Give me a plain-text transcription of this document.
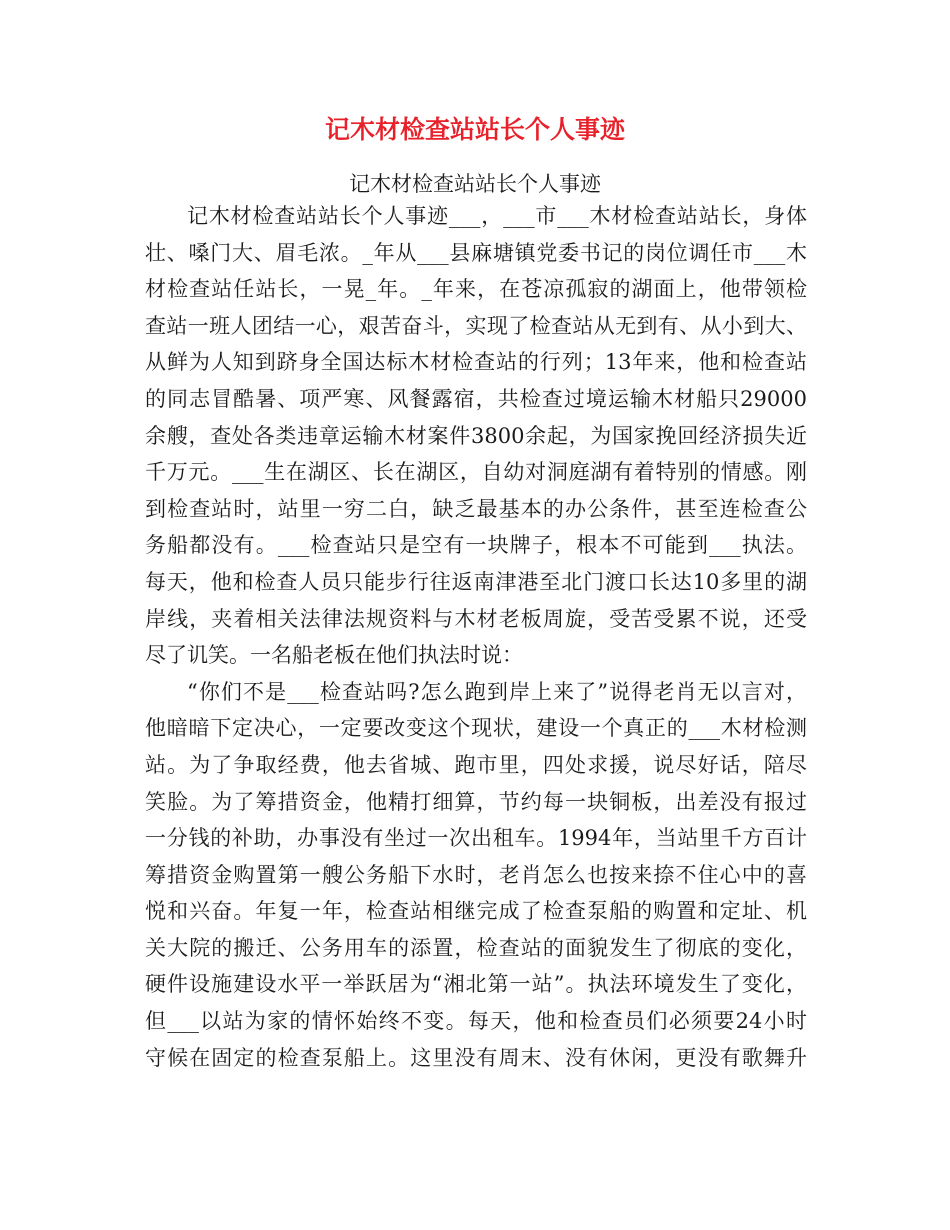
记木材检查站站长个人事迹
记木材检查站站长个人事迹
记木材检查站站长个人事迹___，___市___木材检查站站长，身体
壮、嗓门大、眉毛浓。_年从___县麻塘镇党委书记的岗位调任市___木
材检查站任站长，一晃_年。_年来，在苍凉孤寂的湖面上，他带领检
查站一班人团结一心，艰苦奋斗，实现了检查站从无到有、从小到大、
从鲜为人知到跻身全国达标木材检查站的行列；13年来，他和检查站
的同志冒酷暑、项严寒、风餐露宿，共检查过境运输木材船只29000
余艘，查处各类违章运输木材案件3800余起，为国家挽回经济损失近
千万元。___生在湖区、长在湖区，自幼对洞庭湖有着特别的情感。刚
到检查站时，站里一穷二白，缺乏最基本的办公条件，甚至连检查公
务船都没有。___检查站只是空有一块牌子，根本不可能到___执法。
每天，他和检查人员只能步行往返南津港至北门渡口长达10多里的湖
岸线，夹着相关法律法规资料与木材老板周旋，受苦受累不说，还受
尽了讥笑。一名船老板在他们执法时说：
“你们不是___检查站吗?怎么跑到岸上来了”说得老肖无以言对，
他暗暗下定决心，一定要改变这个现状，建设一个真正的___木材检测
站。为了争取经费，他去省城、跑市里，四处求援，说尽好话，陪尽
笑脸。为了筹措资金，他精打细算，节约每一块铜板，出差没有报过
一分钱的补助，办事没有坐过一次出租车。1994年，当站里千方百计
筹措资金购置第一艘公务船下水时，老肖怎么也按来捺不住心中的喜
悦和兴奋。年复一年，检查站相继完成了检查泵船的购置和定址、机
关大院的搬迁、公务用车的添置，检查站的面貌发生了彻底的变化，
硬件设施建设水平一举跃居为“湘北第一站”。执法环境发生了变化，
但___以站为家的情怀始终不变。每天，他和检查员们必须要24小时
守候在固定的检查泵船上。这里没有周末、没有休闲，更没有歌舞升
